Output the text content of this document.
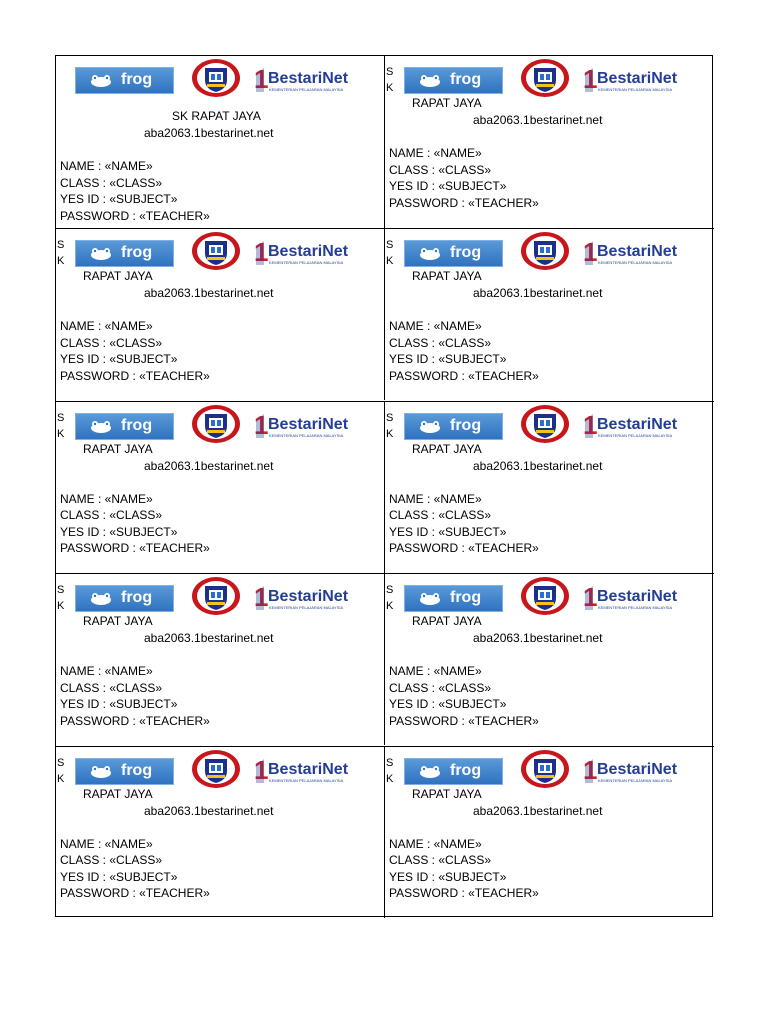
frog	1 BestariNet
KEMENTERIAN PELAJARAN MALAYSIA
SK RAPAT JAYA
aba2063.1bestarinet.net
NAME : «NAME»
CLASS : «CLASS»
YES ID : «SUBJECT»
PASSWORD : «TEACHER»
S K	frog	1 BestariNet
KEMENTERIAN PELAJARAN MALAYSIA
RAPAT JAYA
aba2063.1bestarinet.net
NAME : «NAME»
CLASS : «CLASS»
YES ID : «SUBJECT»
PASSWORD : «TEACHER»
S K	frog	1 BestariNet
KEMENTERIAN PELAJARAN MALAYSIA
RAPAT JAYA
aba2063.1bestarinet.net
NAME : «NAME»
CLASS : «CLASS»
YES ID : «SUBJECT»
PASSWORD : «TEACHER»
S K	frog	1 BestariNet
KEMENTERIAN PELAJARAN MALAYSIA
RAPAT JAYA
aba2063.1bestarinet.net
NAME : «NAME»
CLASS : «CLASS»
YES ID : «SUBJECT»
PASSWORD : «TEACHER»
S K	frog	1 BestariNet
KEMENTERIAN PELAJARAN MALAYSIA
RAPAT JAYA
aba2063.1bestarinet.net
NAME : «NAME»
CLASS : «CLASS»
YES ID : «SUBJECT»
PASSWORD : «TEACHER»
S K	frog	1 BestariNet
KEMENTERIAN PELAJARAN MALAYSIA
RAPAT JAYA
aba2063.1bestarinet.net
NAME : «NAME»
CLASS : «CLASS»
YES ID : «SUBJECT»
PASSWORD : «TEACHER»
S K	frog	1 BestariNet
KEMENTERIAN PELAJARAN MALAYSIA
RAPAT JAYA
aba2063.1bestarinet.net
NAME : «NAME»
CLASS : «CLASS»
YES ID : «SUBJECT»
PASSWORD : «TEACHER»
S K	frog	1 BestariNet
KEMENTERIAN PELAJARAN MALAYSIA
RAPAT JAYA
aba2063.1bestarinet.net
NAME : «NAME»
CLASS : «CLASS»
YES ID : «SUBJECT»
PASSWORD : «TEACHER»
S K	frog	1 BestariNet
KEMENTERIAN PELAJARAN MALAYSIA
RAPAT JAYA
aba2063.1bestarinet.net
NAME : «NAME»
CLASS : «CLASS»
YES ID : «SUBJECT»
PASSWORD : «TEACHER»
S K	frog	1 BestariNet
KEMENTERIAN PELAJARAN MALAYSIA
RAPAT JAYA
aba2063.1bestarinet.net
NAME : «NAME»
CLASS : «CLASS»
YES ID : «SUBJECT»
PASSWORD : «TEACHER»
